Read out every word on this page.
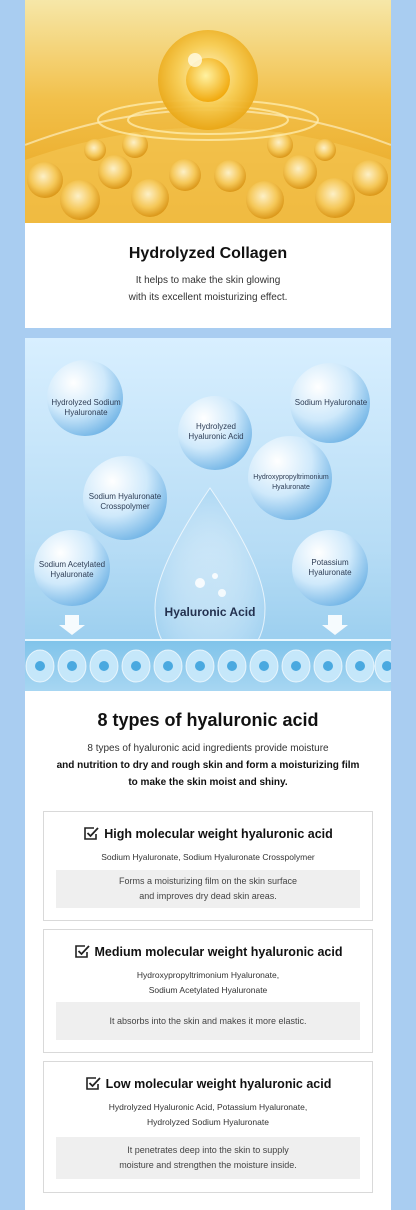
Hydrolyzed Collagen
It helps to make the skin glowing
with its excellent moisturizing effect.
Hydrolyzed Sodium
Hyaluronate
Hydrolyzed
Hyaluronic Acid
Sodium Hyaluronate
Hydroxypropyltrimonium
Hyaluronate
Sodium Hyaluronate
Crosspolymer
Sodium Acetylated
Hyaluronate
Potassium
Hyaluronate
Hyaluronic Acid
8 types of hyaluronic acid
8 types of hyaluronic acid ingredients provide moisture
and nutrition to dry and rough skin and form a moisturizing film
to make the skin moist and shiny.
High molecular weight hyaluronic acid
Sodium Hyaluronate, Sodium Hyaluronate Crosspolymer
Forms a moisturizing film on the skin surface
and improves dry dead skin areas.
Medium molecular weight hyaluronic acid
Hydroxypropyltrimonium Hyaluronate,
Sodium Acetylated Hyaluronate
It absorbs into the skin and makes it more elastic.
Low molecular weight hyaluronic acid
Hydrolyzed Hyaluronic Acid, Potassium Hyaluronate,
Hydrolyzed Sodium Hyaluronate
It penetrates deep into the skin to supply
moisture and strengthen the moisture inside.
